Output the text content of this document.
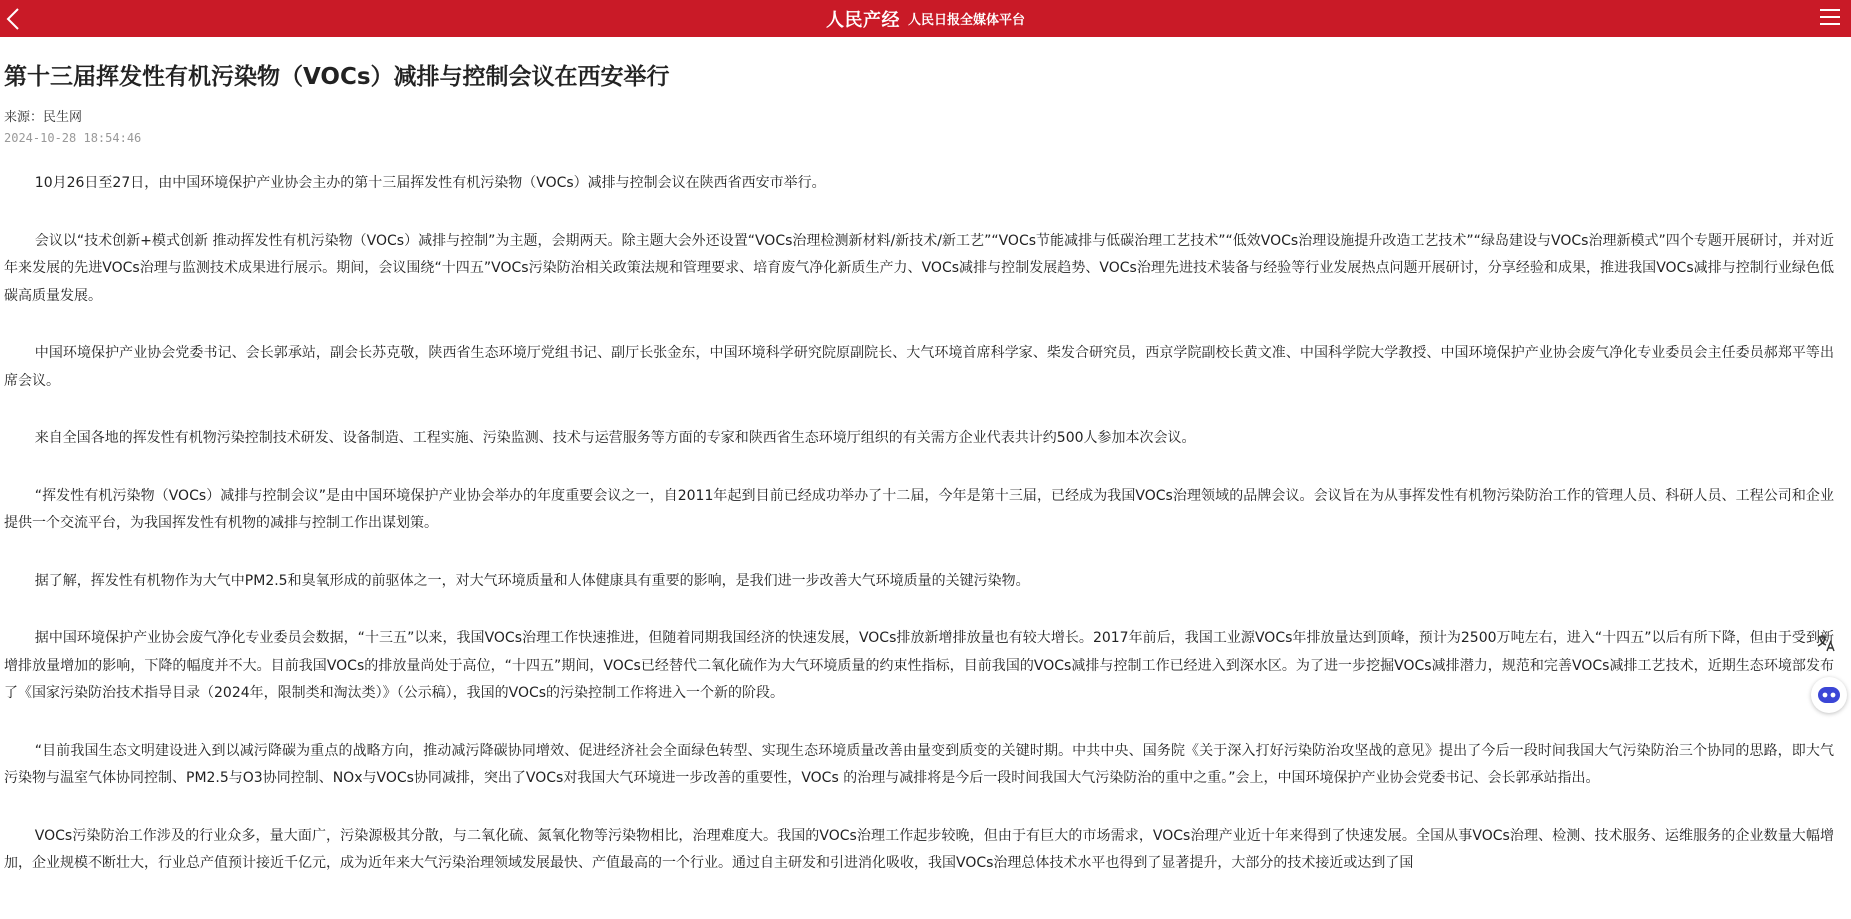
人民产经 人民日报全媒体平台
第十三届挥发性有机污染物（VOCs）减排与控制会议在西安举行
来源：民生网
2024-10-28 18:54:46

10月26日至27日，由中国环境保护产业协会主办的第十三届挥发性有机污染物（VOCs）减排与控制会议在陕西省西安市举行。

会议以“技术创新+模式创新 推动挥发性有机污染物（VOCs）减排与控制”为主题，会期两天。除主题大会外还设置“VOCs治理检测新材料/新技术/新工艺”“VOCs节能减排与低碳治理工艺技术”“低效VOCs治理设施提升改造工艺技术”“绿岛建设与VOCs治理新模式”四个专题开展研讨，并对近年来发展的先进VOCs治理与监测技术成果进行展示。期间，会议围绕“十四五”VOCs污染防治相关政策法规和管理要求、培育废气净化新质生产力、VOCs减排与控制发展趋势、VOCs治理先进技术装备与经验等行业发展热点问题开展研讨，分享经验和成果，推进我国VOCs减排与控制行业绿色低碳高质量发展。

中国环境保护产业协会党委书记、会长郭承站，副会长苏克敬，陕西省生态环境厅党组书记、副厅长张金东，中国环境科学研究院原副院长、大气环境首席科学家、柴发合研究员，西京学院副校长黄文准、中国科学院大学教授、中国环境保护产业协会废气净化专业委员会主任委员郝郑平等出席会议。

来自全国各地的挥发性有机物污染控制技术研发、设备制造、工程实施、污染监测、技术与运营服务等方面的专家和陕西省生态环境厅组织的有关需方企业代表共计约500人参加本次会议。

“挥发性有机污染物（VOCs）减排与控制会议”是由中国环境保护产业协会举办的年度重要会议之一，自2011年起到目前已经成功举办了十二届，今年是第十三届，已经成为我国VOCs治理领域的品牌会议。会议旨在为从事挥发性有机物污染防治工作的管理人员、科研人员、工程公司和企业提供一个交流平台，为我国挥发性有机物的减排与控制工作出谋划策。

据了解，挥发性有机物作为大气中PM2.5和臭氧形成的前驱体之一，对大气环境质量和人体健康具有重要的影响，是我们进一步改善大气环境质量的关键污染物。

据中国环境保护产业协会废气净化专业委员会数据，“十三五”以来，我国VOCs治理工作快速推进，但随着同期我国经济的快速发展，VOCs排放新增排放量也有较大增长。2017年前后，我国工业源VOCs年排放量达到顶峰，预计为2500万吨左右，进入“十四五”以后有所下降，但由于受到新增排放量增加的影响，下降的幅度并不大。目前我国VOCs的排放量尚处于高位，“十四五”期间，VOCs已经替代二氧化硫作为大气环境质量的约束性指标，目前我国的VOCs减排与控制工作已经进入到深水区。为了进一步挖掘VOCs减排潜力，规范和完善VOCs减排工艺技术，近期生态环境部发布了《国家污染防治技术指导目录（2024年，限制类和淘汰类）》（公示稿），我国的VOCs的污染控制工作将进入一个新的阶段。

“目前我国生态文明建设进入到以减污降碳为重点的战略方向，推动减污降碳协同增效、促进经济社会全面绿色转型、实现生态环境质量改善由量变到质变的关键时期。中共中央、国务院《关于深入打好污染防治攻坚战的意见》提出了今后一段时间我国大气污染防治三个协同的思路，即大气污染物与温室气体协同控制、PM2.5与O3协同控制、NOx与VOCs协同减排，突出了VOCs对我国大气环境进一步改善的重要性，VOCs 的治理与减排将是今后一段时间我国大气污染防治的重中之重。”会上，中国环境保护产业协会党委书记、会长郭承站指出。

VOCs污染防治工作涉及的行业众多，量大面广，污染源极其分散，与二氧化硫、氮氧化物等污染物相比，治理难度大。我国的VOCs治理工作起步较晚，但由于有巨大的市场需求，VOCs治理产业近十年来得到了快速发展。全国从事VOCs治理、检测、技术服务、运维服务的企业数量大幅增加，企业规模不断壮大，行业总产值预计接近千亿元，成为近年来大气污染治理领域发展最快、产值最高的一个行业。通过自主研发和引进消化吸收，我国VOCs治理总体技术水平也得到了显著提升，大部分的技术接近或达到了国
